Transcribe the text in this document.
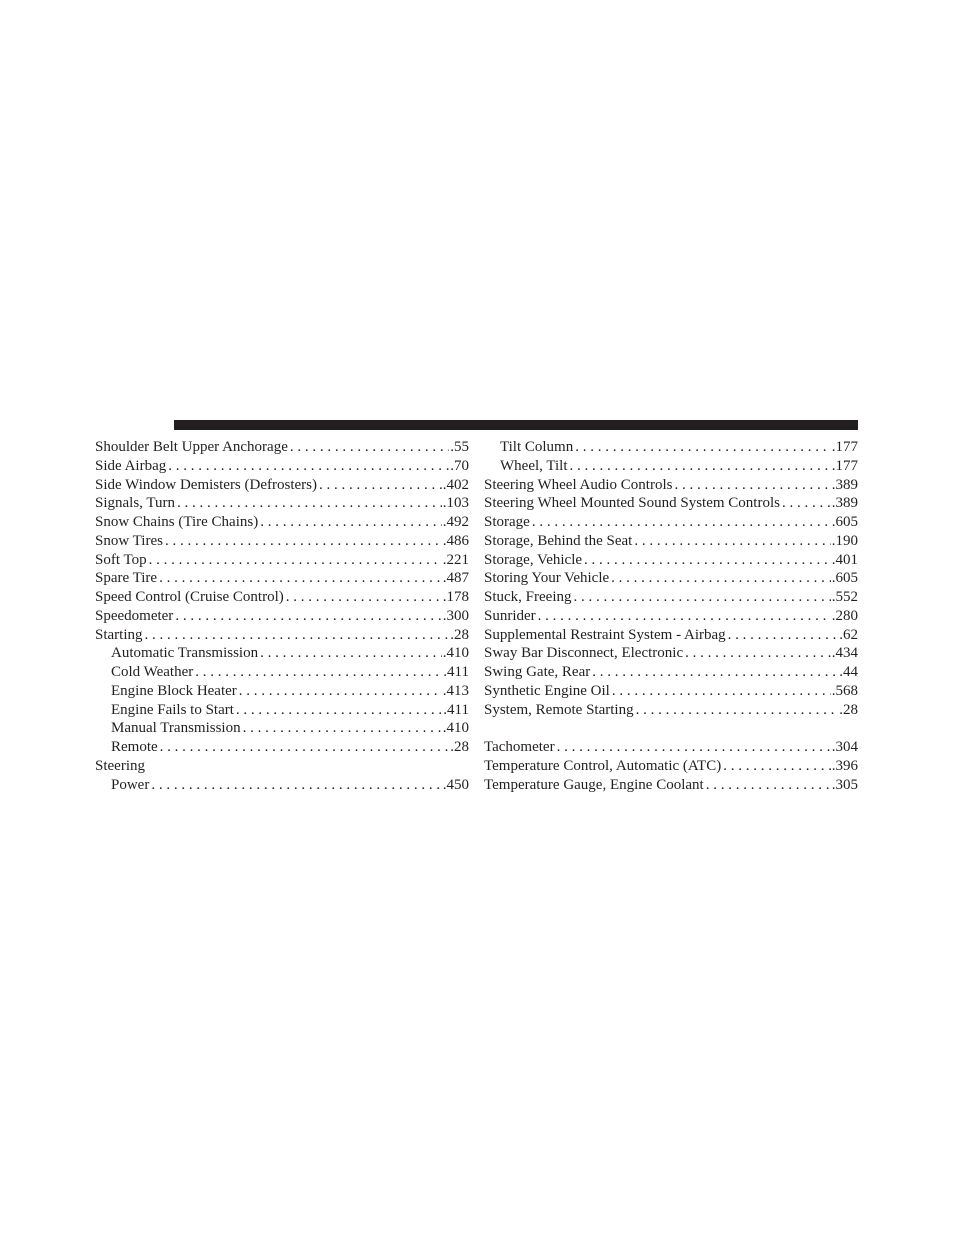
Shoulder Belt Upper Anchorage . . .	.55
Side Airbag . . .	.70
Side Window Demisters (Defrosters) . . .	.402
Signals, Turn . . .	.103
Snow Chains (Tire Chains) . . .	.492
Snow Tires . . .	.486
Soft Top . . .	.221
Spare Tire . . .	.487
Speed Control (Cruise Control) . . .	.178
Speedometer . . .	.300
Starting . . .	.28
Automatic Transmission . . .	.410
Cold Weather . . .	.411
Engine Block Heater . . .	.413
Engine Fails to Start . . .	.411
Manual Transmission . . .	.410
Remote . . .	.28
Steering
Power . . .	.450
Tilt Column . . .	.177
Wheel, Tilt . . .	.177
Steering Wheel Audio Controls . . .	.389
Steering Wheel Mounted Sound System Controls . . .	.389
Storage . . .	.605
Storage, Behind the Seat . . .	.190
Storage, Vehicle . . .	.401
Storing Your Vehicle . . .	.605
Stuck, Freeing . . .	.552
Sunrider . . .	.280
Supplemental Restraint System - Airbag . . .	.62
Sway Bar Disconnect, Electronic . . .	.434
Swing Gate, Rear . . .	.44
Synthetic Engine Oil . . .	.568
System, Remote Starting . . .	.28
Tachometer . . .	.304
Temperature Control, Automatic (ATC) . . .	.396
Temperature Gauge, Engine Coolant . . .	.305
